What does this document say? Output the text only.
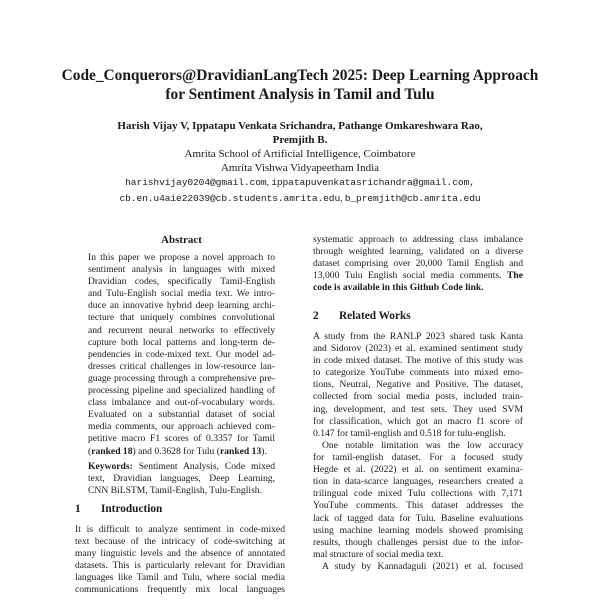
Code_Conquerors@DravidianLangTech 2025: Deep Learning Approach
for Sentiment Analysis in Tamil and Tulu
Harish Vijay V, Ippatapu Venkata Srichandra, Pathange Omkareshwara Rao,
Premjith B.
Amrita School of Artificial Intelligence, Coimbatore
Amrita Vishwa Vidyapeetham India
harishvijay0204@gmail.com, ippatapuvenkatasrichandra@gmail.com,
cb.en.u4aie22039@cb.students.amrita.edu, b_premjith@cb.amrita.edu
Abstract
In this paper we propose a novel approach to
sentiment analysis in languages with mixed
Dravidian codes, specifically Tamil-English
and Tulu-English social media text. We intro-
duce an innovative hybrid deep learning archi-
tecture that uniquely combines convolutional
and recurrent neural networks to effectively
capture both local patterns and long-term de-
pendencies in code-mixed text. Our model ad-
dresses critical challenges in low-resource lan-
guage processing through a comprehensive pre-
processing pipeline and specialized handling of
class imbalance and out-of-vocabulary words.
Evaluated on a substantial dataset of social
media comments, our approach achieved com-
petitive macro F1 scores of 0.3357 for Tamil
(ranked 18) and 0.3628 for Tulu (ranked 13).
Keywords: Sentiment Analysis, Code mixed
text, Dravidian languages, Deep Learning,
CNN BiLSTM, Tamil-English, Tulu-English.
1 Introduction
It is difficult to analyze sentiment in code-mixed
text because of the intricacy of code-switching at
many linguistic levels and the absence of annotated
datasets. This is particularly relevant for Dravidian
languages like Tamil and Tulu, where social media
communications frequently mix local languages
systematic approach to addressing class imbalance
through weighted learning, validated on a diverse
dataset comprising over 20,000 Tamil English and
13,000 Tulu English social media comments. The
code is available in this Github Code link.
2 Related Works
A study from the RANLP 2023 shared task Kanta
and Sidorov (2023) et al. examined sentiment study
in code mixed dataset. The motive of this study was
to categorize YouTube comments into mixed emo-
tions, Neutral, Negative and Positive. The dataset,
collected from social media posts, included train-
ing, development, and test sets. They used SVM
for classification, which got an macro f1 score of
0.147 for tamil-english and 0.518 for tulu-english.
One notable limitation was the low accuracy
for tamil-english dataset. For a focused study
Hegde et al. (2022) et al. on sentiment examina-
tion in data-scarce languages, researchers created a
trilingual code mixed Tulu collections with 7,171
YouTube comments. This dataset addresses the
lack of tagged data for Tulu. Baseline evaluations
using machine learning models showed promising
results, though challenges persist due to the infor-
mal structure of social media text.
A study by Kannadaguli (2021) et al. focused
